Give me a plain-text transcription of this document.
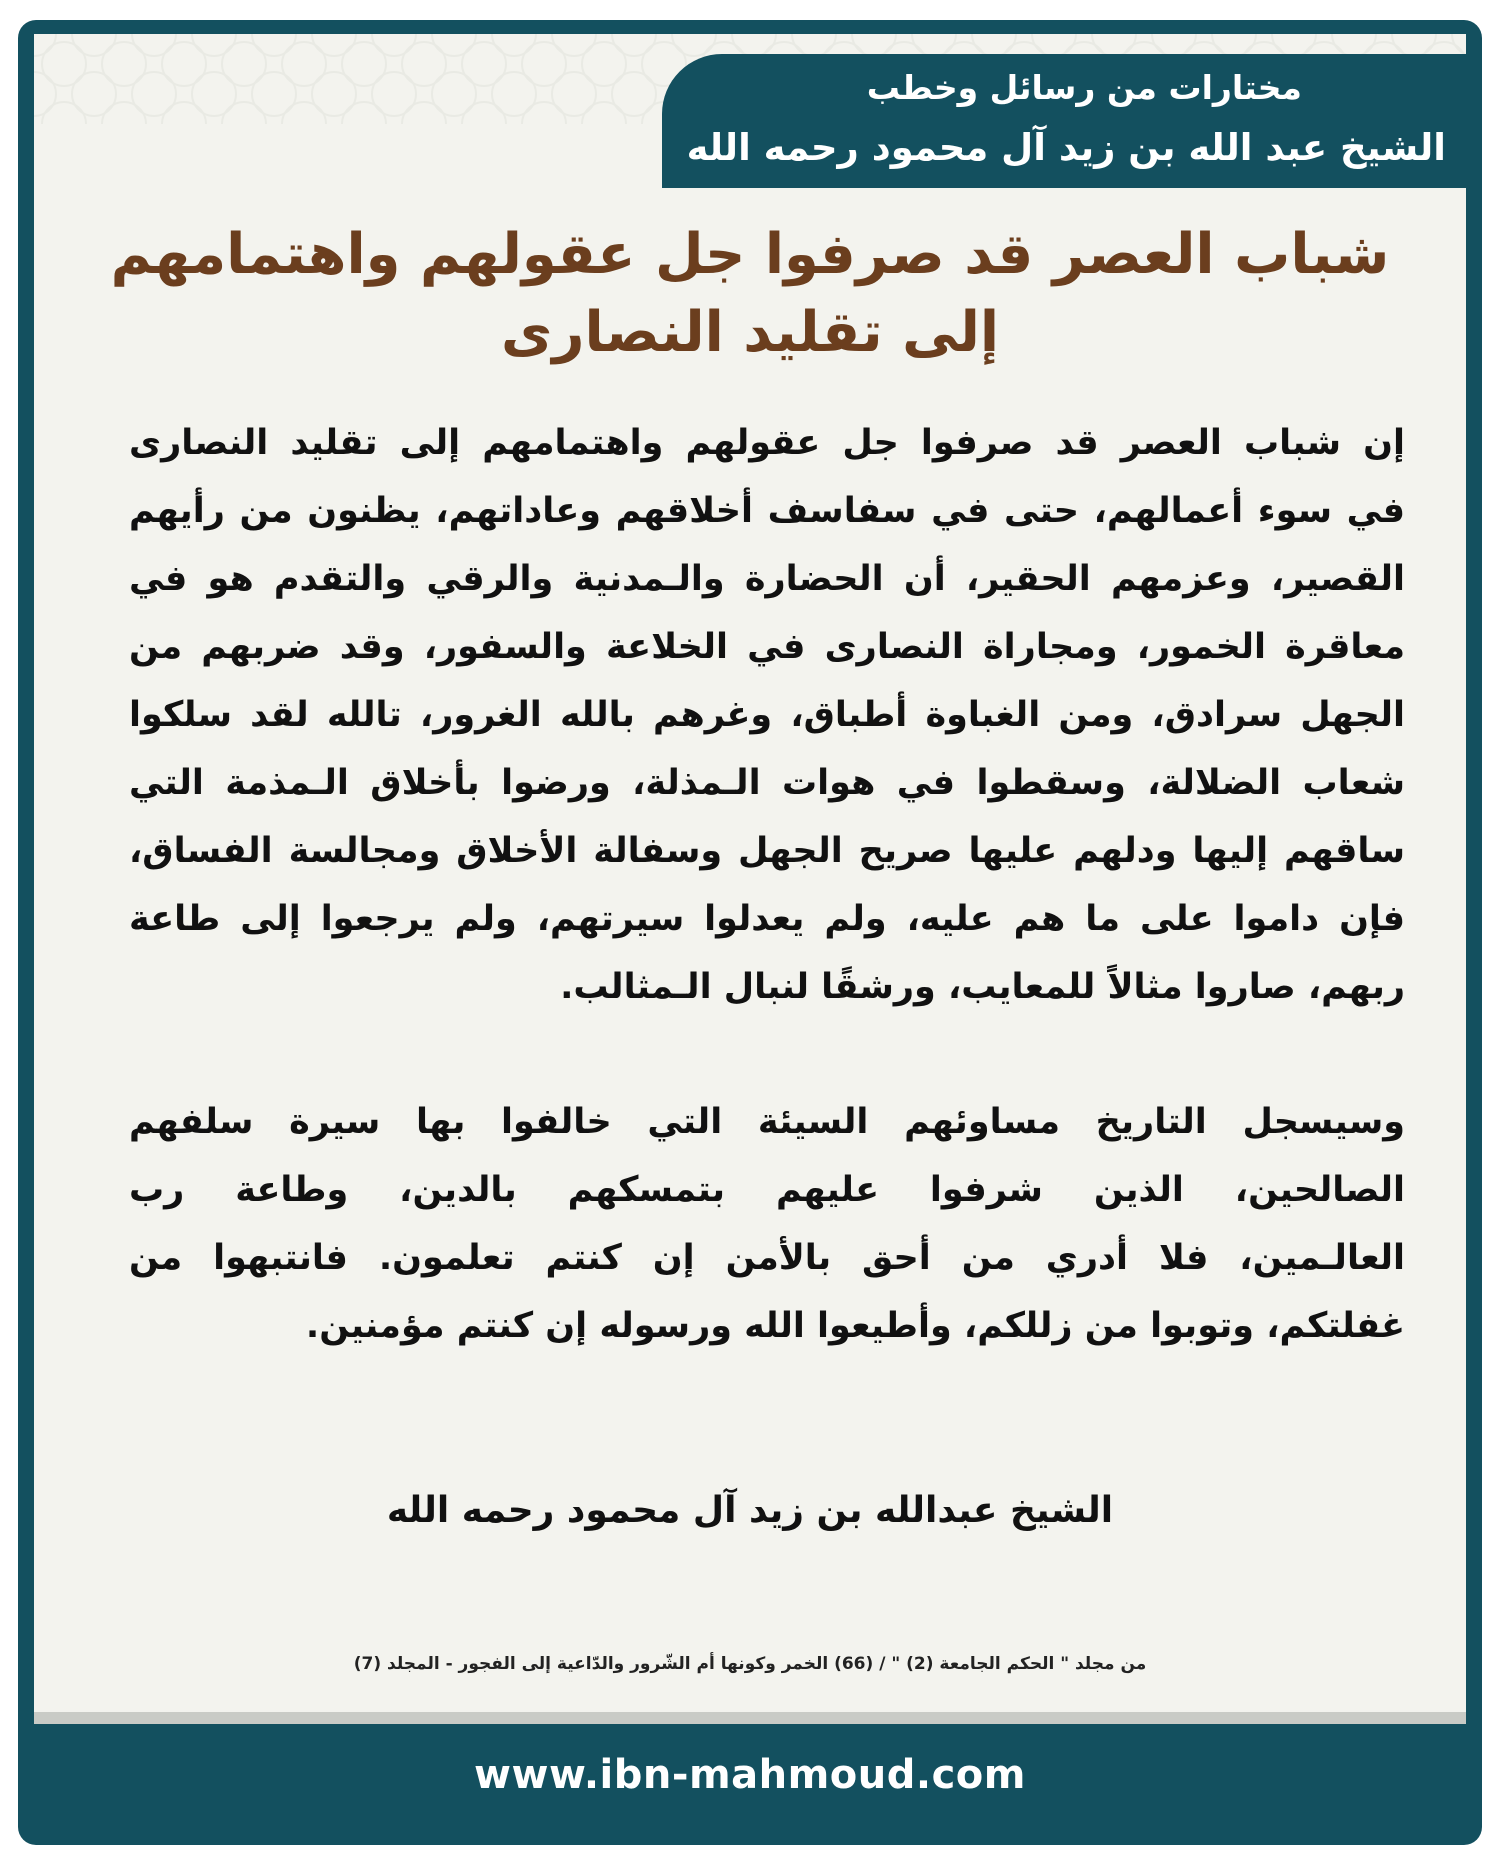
مختارات من رسائل وخطب
الشيخ عبد الله بن زيد آل محمود رحمه الله
شباب العصر قد صرفوا جل عقولهم واهتمامهم
إلى تقليد النصارى
إن شباب العصر قد صرفوا جل عقولهم واهتمامهم إلى تقليد النصارى
في سوء أعمالهم، حتى في سفاسف أخلاقهم وعاداتهم، يظنون من رأيهم
القصير، وعزمهم الحقير، أن الحضارة والـمدنية والرقي والتقدم هو في
معاقرة الخمور، ومجاراة النصارى في الخلاعة والسفور، وقد ضربهم من
الجهل سرادق، ومن الغباوة أطباق، وغرهم بالله الغرور، تالله لقد سلكوا
شعاب الضلالة، وسقطوا في هوات الـمذلة، ورضوا بأخلاق الـمذمة التي
ساقهم إليها ودلهم عليها صريح الجهل وسفالة الأخلاق ومجالسة الفساق،
فإن داموا على ما هم عليه، ولم يعدلوا سيرتهم، ولم يرجعوا إلى طاعة
ربهم، صاروا مثالاً للمعايب، ورشقًا لنبال الـمثالب.
وسيسجل التاريخ مساوئهم السيئة التي خالفوا بها سيرة سلفهم
الصالحين، الذين شرفوا عليهم بتمسكهم بالدين، وطاعة رب
العالـمين، فلا أدري من أحق بالأمن إن كنتم تعلمون. فانتبهوا من
غفلتكم، وتوبوا من زللكم، وأطيعوا الله ورسوله إن كنتم مؤمنين.
الشيخ عبدالله بن زيد آل محمود رحمه الله
من مجلد " الحكم الجامعة (2) " / (66) الخمر وكونها أم الشّرور والدّاعية إلى الفجور - المجلد (7)
www.ibn-mahmoud.com
